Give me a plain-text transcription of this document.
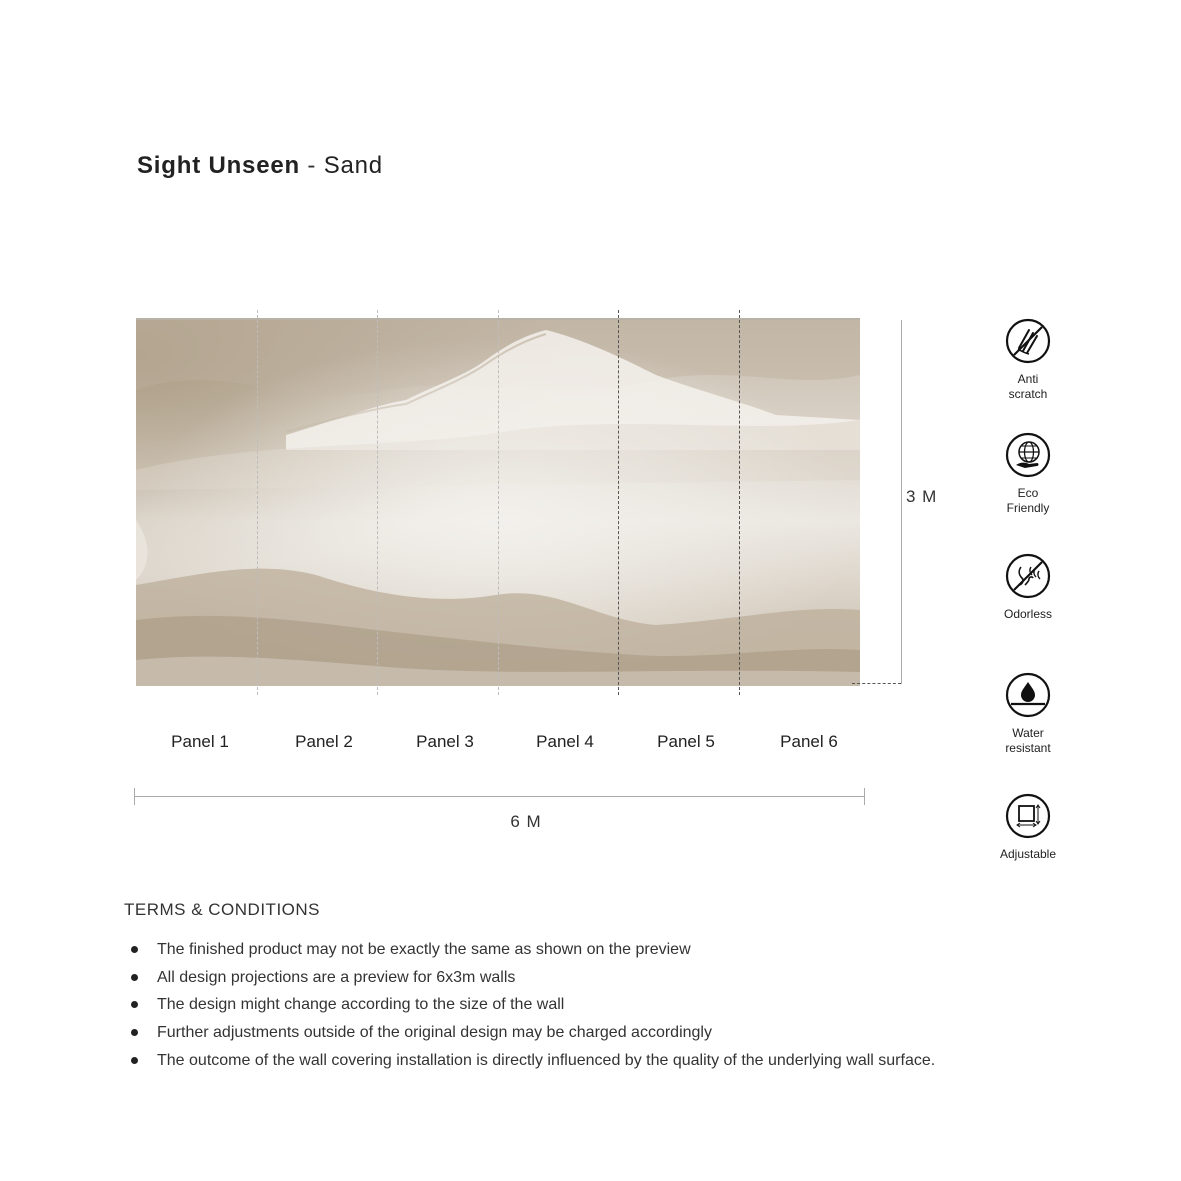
Sight Unseen - Sand
3 M
Panel 1	Panel 2	Panel 3	Panel 4	Panel 5	Panel 6
6 M
Anti
scratch
Eco
Friendly
Odorless
Water
resistant
Adjustable
TERMS & CONDITIONS
The finished product may not be exactly the same as shown on the preview
All design projections are a preview for 6x3m walls
The design might change according to the size of the wall
Further adjustments outside of the original design may be charged accordingly
The outcome of the wall covering installation is directly influenced by the quality of the underlying wall surface.
